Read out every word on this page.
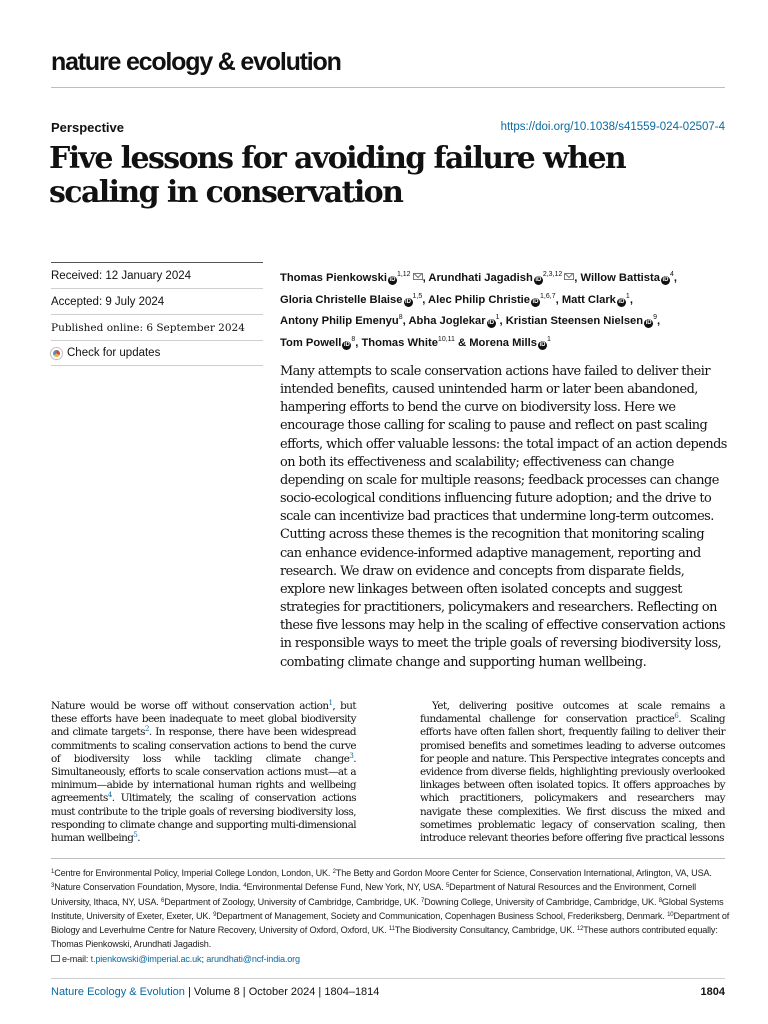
nature ecology & evolution
Perspective	https://doi.org/10.1038/s41559-024-02507-4
Five lessons for avoiding failure when scaling in conservation
Received: 12 January 2024
Accepted: 9 July 2024
Published online: 6 September 2024
Check for updates
Thomas Pienkowski iD$^{1,12}$ , Arundhati Jagadish iD$^{2,3,12}$ , Willow Battista $iD^4$, Gloria Christelle Blaise iD$^{1,5}$, Alec Philip Christie iD$^{1,6,7}$, Matt Clark $iD^1$, Antony Philip Emenyu$^8$, Abha Joglekar $iD^1$, Kristian Steensen Nielsen $iD^9$, Tom Powell $iD^8$, Thomas White$^{10,11}$ & Morena Mills $iD^1$
Many attempts to scale conservation actions have failed to deliver their intended benefits, caused unintended harm or later been abandoned, hampering efforts to bend the curve on biodiversity loss. Here we encourage those calling for scaling to pause and reflect on past scaling efforts, which offer valuable lessons: the total impact of an action depends on both its effectiveness and scalability; effectiveness can change depending on scale for multiple reasons; feedback processes can change socio-ecological conditions influencing future adoption; and the drive to scale can incentivize bad practices that undermine long-term outcomes. Cutting across these themes is the recognition that monitoring scaling can enhance evidence-informed adaptive management, reporting and research. We draw on evidence and concepts from disparate fields, explore new linkages between often isolated concepts and suggest strategies for practitioners, policymakers and researchers. Reflecting on these five lessons may help in the scaling of effective conservation actions in responsible ways to meet the triple goals of reversing biodiversity loss, combating climate change and supporting human wellbeing.
Nature would be worse off without conservation action$^1$, but these efforts have been inadequate to meet global biodiversity and climate targets$^2$. In response, there have been widespread commitments to scaling conservation actions to bend the curve of biodiversity loss while tackling climate change$^3$. Simultaneously, efforts to scale conservation actions must—at a minimum—abide by international human rights and wellbeing agreements$^4$. Ultimately, the scaling of conservation actions must contribute to the triple goals of reversing biodiversity loss, responding to climate change and supporting multi-dimensional human wellbeing$^5$.
Yet, delivering positive outcomes at scale remains a fundamental challenge for conservation practice$^6$. Scaling efforts have often fallen short, frequently failing to deliver their promised benefits and sometimes leading to adverse outcomes for people and nature. This Perspective integrates concepts and evidence from diverse fields, highlighting previously overlooked linkages between often isolated topics. It offers approaches by which practitioners, policymakers and researchers may navigate these complexities. We first discuss the mixed and sometimes problematic legacy of conservation scaling, then introduce relevant theories before offering five practical lessons
$^1$Centre for Environmental Policy, Imperial College London, London, UK. $^2$The Betty and Gordon Moore Center for Science, Conservation International, Arlington, VA, USA. $^3$Nature Conservation Foundation, Mysore, India. $^4$Environmental Defense Fund, New York, NY, USA. $^5$Department of Natural Resources and the Environment, Cornell University, Ithaca, NY, USA. $^6$Department of Zoology, University of Cambridge, Cambridge, UK. $^7$Downing College, University of Cambridge, Cambridge, UK. $^8$Global Systems Institute, University of Exeter, Exeter, UK. $^9$Department of Management, Society and Communication, Copenhagen Business School, Frederiksberg, Denmark. $^{10}$Department of Biology and Leverhulme Centre for Nature Recovery, University of Oxford, Oxford, UK. $^{11}$The Biodiversity Consultancy, Cambridge, UK. $^{12}$These authors contributed equally: Thomas Pienkowski, Arundhati Jagadish.
e-mail: t.pienkowski@imperial.ac.uk; arundhati@ncf-india.org
Nature Ecology & Evolution | Volume 8 | October 2024 | 1804–1814	1804
